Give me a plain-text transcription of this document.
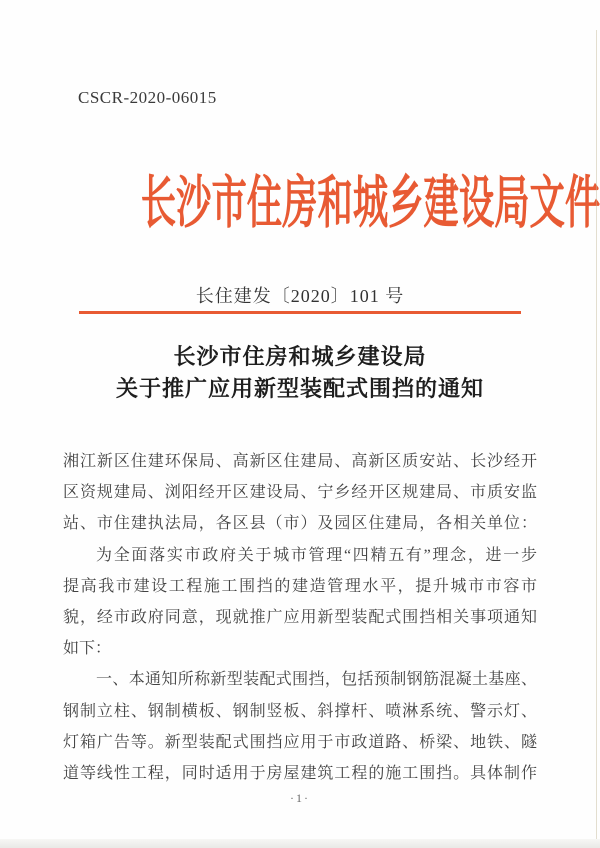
CSCR-2020-06015
长沙市住房和城乡建设局文件
长住建发〔2020〕101 号
长沙市住房和城乡建设局
关于推广应用新型装配式围挡的通知
湘江新区住建环保局、高新区住建局、高新区质安站、长沙经开
区资规建局、浏阳经开区建设局、宁乡经开区规建局、市质安监
站、市住建执法局，各区县（市）及园区住建局，各相关单位：
为全面落实市政府关于城市管理“四精五有”理念，进一步
提高我市建设工程施工围挡的建造管理水平，提升城市市容市
貌，经市政府同意，现就推广应用新型装配式围挡相关事项通知
如下：
一、本通知所称新型装配式围挡，包括预制钢筋混凝土基座、
钢制立柱、钢制横板、钢制竖板、斜撑杆、喷淋系统、警示灯、
灯箱广告等。新型装配式围挡应用于市政道路、桥梁、地铁、隧
道等线性工程，同时适用于房屋建筑工程的施工围挡。具体制作
·1·
